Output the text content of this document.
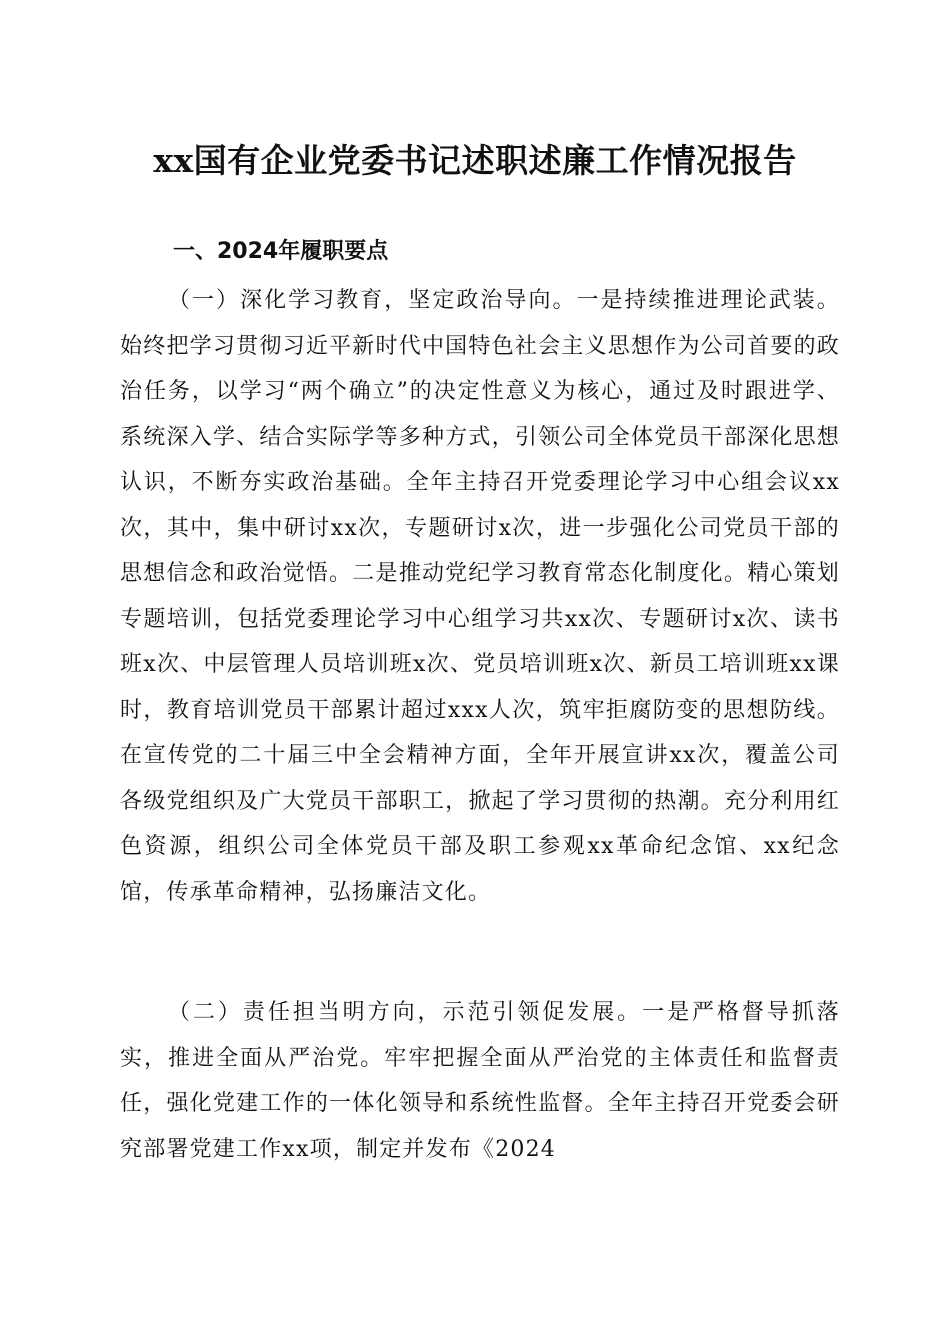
xx国有企业党委书记述职述廉工作情况报告
一、2024年履职要点

（一）深化学习教育，坚定政治导向。一是持续推进理论武装。始终把学习贯彻习近平新时代中国特色社会主义思想作为公司首要的政治任务，以学习“两个确立”的决定性意义为核心，通过及时跟进学、系统深入学、结合实际学等多种方式，引领公司全体党员干部深化思想认识，不断夯实政治基础。全年主持召开党委理论学习中心组会议xx次，其中，集中研讨xx次，专题研讨x次，进一步强化公司党员干部的思想信念和政治觉悟。二是推动党纪学习教育常态化制度化。精心策划专题培训，包括党委理论学习中心组学习共xx次、专题研讨x次、读书班x次、中层管理人员培训班x次、党员培训班x次、新员工培训班xx课时，教育培训党员干部累计超过xxx人次，筑牢拒腐防变的思想防线。在宣传党的二十届三中全会精神方面，全年开展宣讲xx次，覆盖公司各级党组织及广大党员干部职工，掀起了学习贯彻的热潮。充分利用红色资源，组织公司全体党员干部及职工参观xx革命纪念馆、xx纪念馆，传承革命精神，弘扬廉洁文化。

（二）责任担当明方向，示范引领促发展。一是严格督导抓落实，推进全面从严治党。牢牢把握全面从严治党的主体责任和监督责任，强化党建工作的一体化领导和系统性监督。全年主持召开党委会研究部署党建工作xx项，制定并发布《2024
